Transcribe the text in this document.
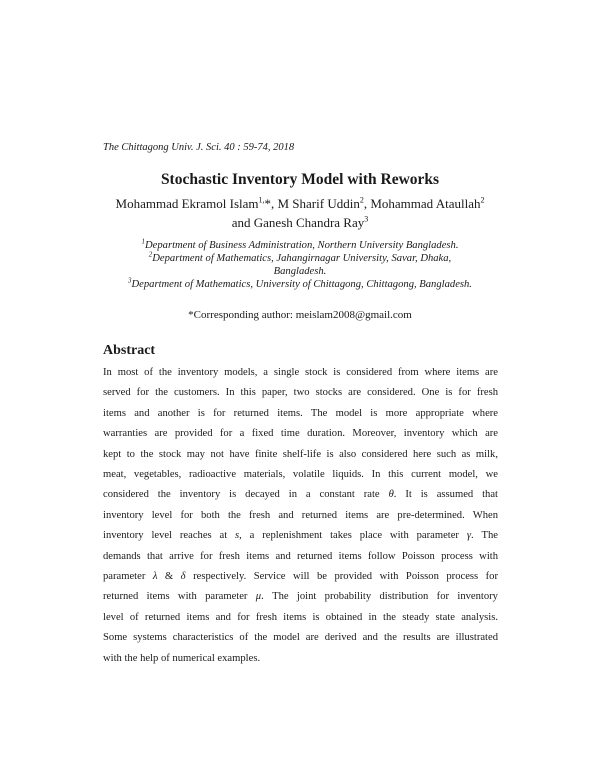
The Chittagong Univ. J. Sci. 40 : 59-74, 2018
Stochastic Inventory Model with Reworks
Mohammad Ekramol Islam$^{1,}$*, M Sharif Uddin$^2$, Mohammad Ataullah$^2$
and Ganesh Chandra Ray$^3$
$^1$Department of Business Administration, Northern University Bangladesh.
$^2$Department of Mathematics, Jahangirnagar University, Savar, Dhaka,
Bangladesh.
$^3$Department of Mathematics, University of Chittagong, Chittagong, Bangladesh.
*Corresponding author: meislam2008@gmail.com
Abstract
In most of the inventory models, a single stock is considered from where items are
served for the customers. In this paper, two stocks are considered. One is for fresh
items and another is for returned items. The model is more appropriate where
warranties are provided for a fixed time duration. Moreover, inventory which are
kept to the stock may not have finite shelf-life is also considered here such as milk,
meat, vegetables, radioactive materials, volatile liquids. In this current model, we
considered the inventory is decayed in a constant rate θ. It is assumed that
inventory level for both the fresh and returned items are pre-determined. When
inventory level reaches at s, a replenishment takes place with parameter γ. The
demands that arrive for fresh items and returned items follow Poisson process with
parameter λ & δ respectively. Service will be provided with Poisson process for
returned items with parameter μ. The joint probability distribution for inventory
level of returned items and for fresh items is obtained in the steady state analysis.
Some systems characteristics of the model are derived and the results are illustrated
with the help of numerical examples.
